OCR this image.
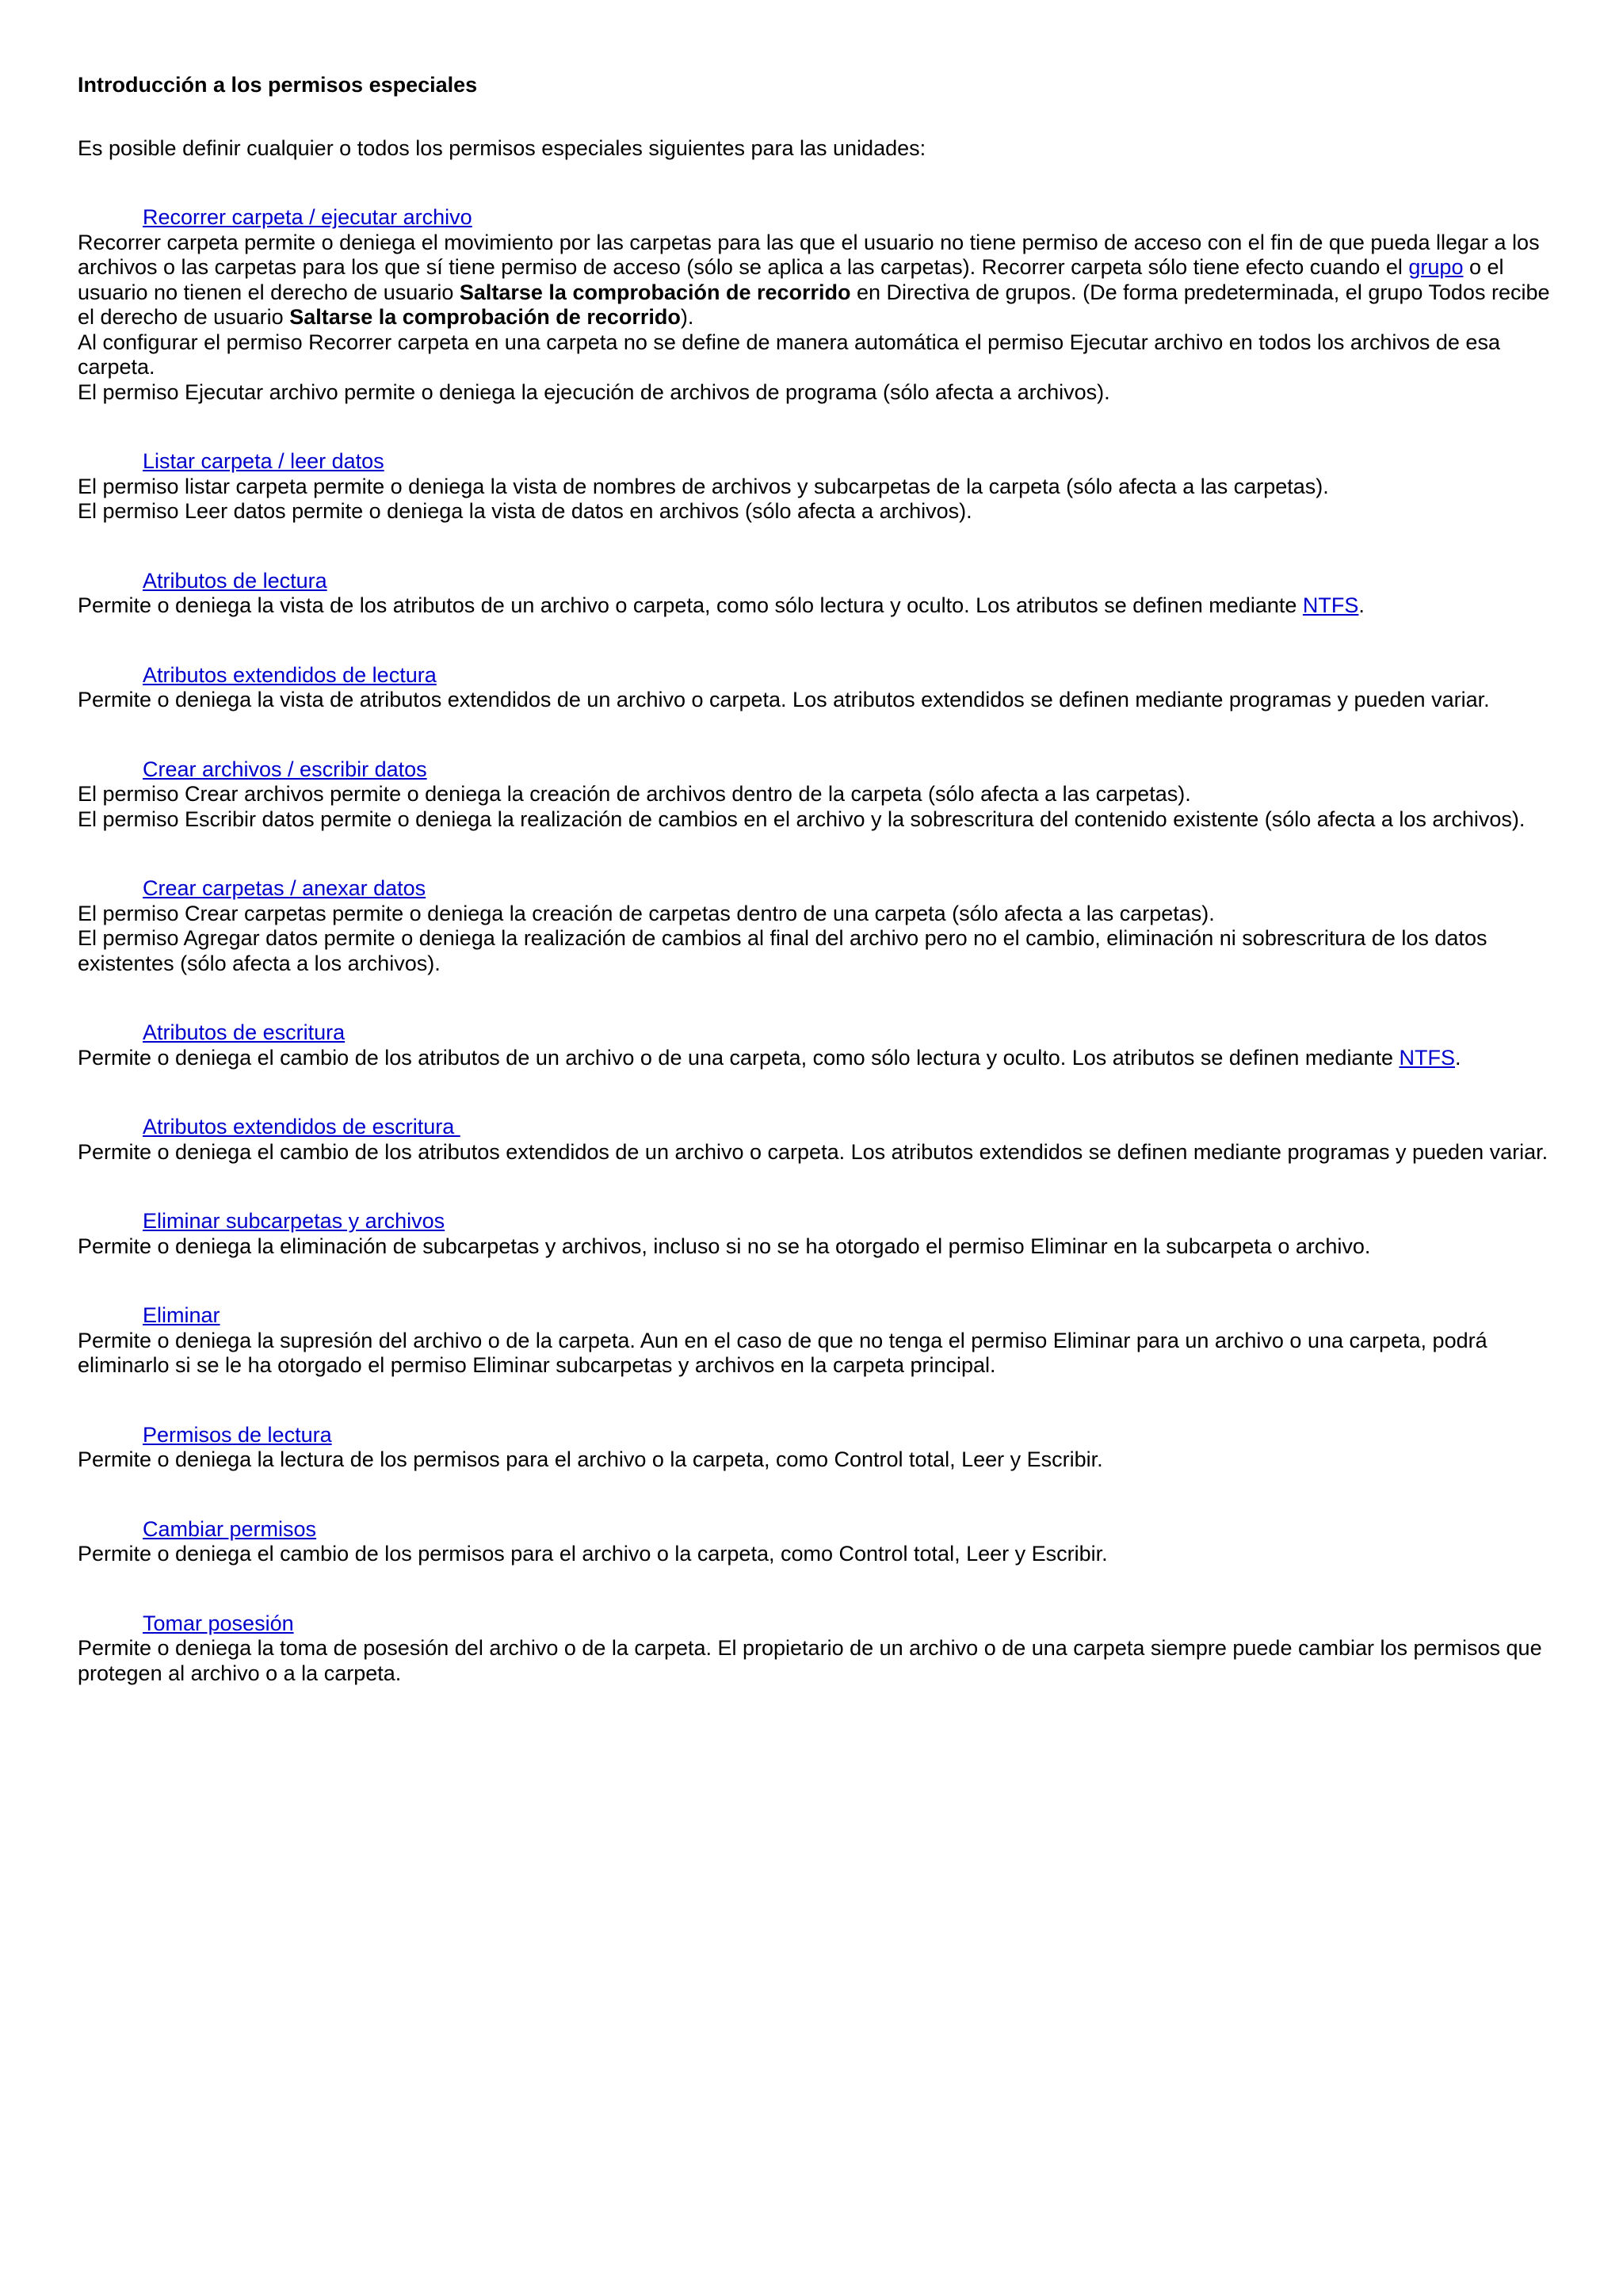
Introducción a los permisos especiales
Es posible definir cualquier o todos los permisos especiales siguientes para las unidades:
Recorrer carpeta / ejecutar archivo
Recorrer carpeta permite o deniega el movimiento por las carpetas para las que el usuario no tiene permiso de acceso con el fin de que pueda llegar a los archivos o las carpetas para los que sí tiene permiso de acceso (sólo se aplica a las carpetas). Recorrer carpeta sólo tiene efecto cuando el grupo o el usuario no tienen el derecho de usuario Saltarse la comprobación de recorrido en Directiva de grupos. (De forma predeterminada, el grupo Todos recibe el derecho de usuario Saltarse la comprobación de recorrido).
Al configurar el permiso Recorrer carpeta en una carpeta no se define de manera automática el permiso Ejecutar archivo en todos los archivos de esa carpeta.
El permiso Ejecutar archivo permite o deniega la ejecución de archivos de programa (sólo afecta a archivos).
Listar carpeta / leer datos
El permiso listar carpeta permite o deniega la vista de nombres de archivos y subcarpetas de la carpeta (sólo afecta a las carpetas).
El permiso Leer datos permite o deniega la vista de datos en archivos (sólo afecta a archivos).
Atributos de lectura
Permite o deniega la vista de los atributos de un archivo o carpeta, como sólo lectura y oculto. Los atributos se definen mediante NTFS.
Atributos extendidos de lectura
Permite o deniega la vista de atributos extendidos de un archivo o carpeta. Los atributos extendidos se definen mediante programas y pueden variar.
Crear archivos / escribir datos
El permiso Crear archivos permite o deniega la creación de archivos dentro de la carpeta (sólo afecta a las carpetas).
El permiso Escribir datos permite o deniega la realización de cambios en el archivo y la sobrescritura del contenido existente (sólo afecta a los archivos).
Crear carpetas / anexar datos
El permiso Crear carpetas permite o deniega la creación de carpetas dentro de una carpeta (sólo afecta a las carpetas).
El permiso Agregar datos permite o deniega la realización de cambios al final del archivo pero no el cambio, eliminación ni sobrescritura de los datos existentes (sólo afecta a los archivos).
Atributos de escritura
Permite o deniega el cambio de los atributos de un archivo o de una carpeta, como sólo lectura y oculto. Los atributos se definen mediante NTFS.
Atributos extendidos de escritura
Permite o deniega el cambio de los atributos extendidos de un archivo o carpeta. Los atributos extendidos se definen mediante programas y pueden variar.
Eliminar subcarpetas y archivos
Permite o deniega la eliminación de subcarpetas y archivos, incluso si no se ha otorgado el permiso Eliminar en la subcarpeta o archivo.
Eliminar
Permite o deniega la supresión del archivo o de la carpeta. Aun en el caso de que no tenga el permiso Eliminar para un archivo o una carpeta, podrá eliminarlo si se le ha otorgado el permiso Eliminar subcarpetas y archivos en la carpeta principal.
Permisos de lectura
Permite o deniega la lectura de los permisos para el archivo o la carpeta, como Control total, Leer y Escribir.
Cambiar permisos
Permite o deniega el cambio de los permisos para el archivo o la carpeta, como Control total, Leer y Escribir.
Tomar posesión
Permite o deniega la toma de posesión del archivo o de la carpeta. El propietario de un archivo o de una carpeta siempre puede cambiar los permisos que protegen al archivo o a la carpeta.
